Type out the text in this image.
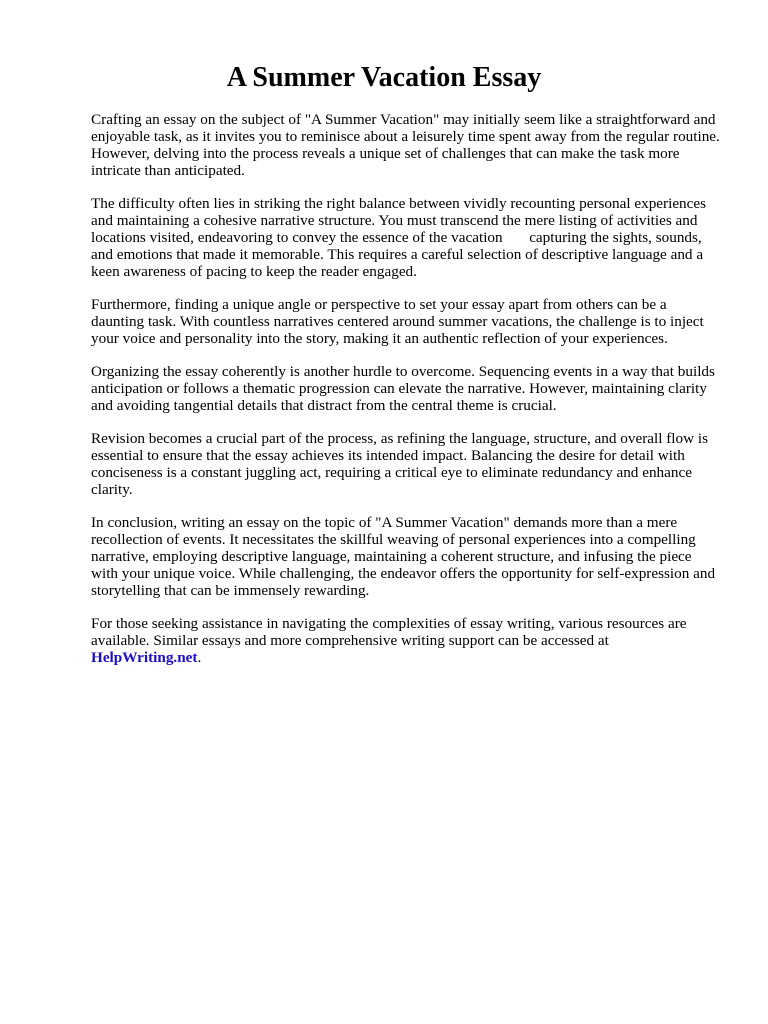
A Summer Vacation Essay

Crafting an essay on the subject of "A Summer Vacation" may initially seem like a straightforward and enjoyable task, as it invites you to reminisce about a leisurely time spent away from the regular routine. However, delving into the process reveals a unique set of challenges that can make the task more intricate than anticipated.

The difficulty often lies in striking the right balance between vividly recounting personal experiences and maintaining a cohesive narrative structure. You must transcend the mere listing of activities and locations visited, endeavoring to convey the essence of the vacation       capturing the sights, sounds, and emotions that made it memorable. This requires a careful selection of descriptive language and a keen awareness of pacing to keep the reader engaged.

Furthermore, finding a unique angle or perspective to set your essay apart from others can be a daunting task. With countless narratives centered around summer vacations, the challenge is to inject your voice and personality into the story, making it an authentic reflection of your experiences.

Organizing the essay coherently is another hurdle to overcome. Sequencing events in a way that builds anticipation or follows a thematic progression can elevate the narrative. However, maintaining clarity and avoiding tangential details that distract from the central theme is crucial.

Revision becomes a crucial part of the process, as refining the language, structure, and overall flow is essential to ensure that the essay achieves its intended impact. Balancing the desire for detail with conciseness is a constant juggling act, requiring a critical eye to eliminate redundancy and enhance clarity.

In conclusion, writing an essay on the topic of "A Summer Vacation" demands more than a mere recollection of events. It necessitates the skillful weaving of personal experiences into a compelling narrative, employing descriptive language, maintaining a coherent structure, and infusing the piece with your unique voice. While challenging, the endeavor offers the opportunity for self-expression and storytelling that can be immensely rewarding.

For those seeking assistance in navigating the complexities of essay writing, various resources are available. Similar essays and more comprehensive writing support can be accessed at
HelpWriting.net.
